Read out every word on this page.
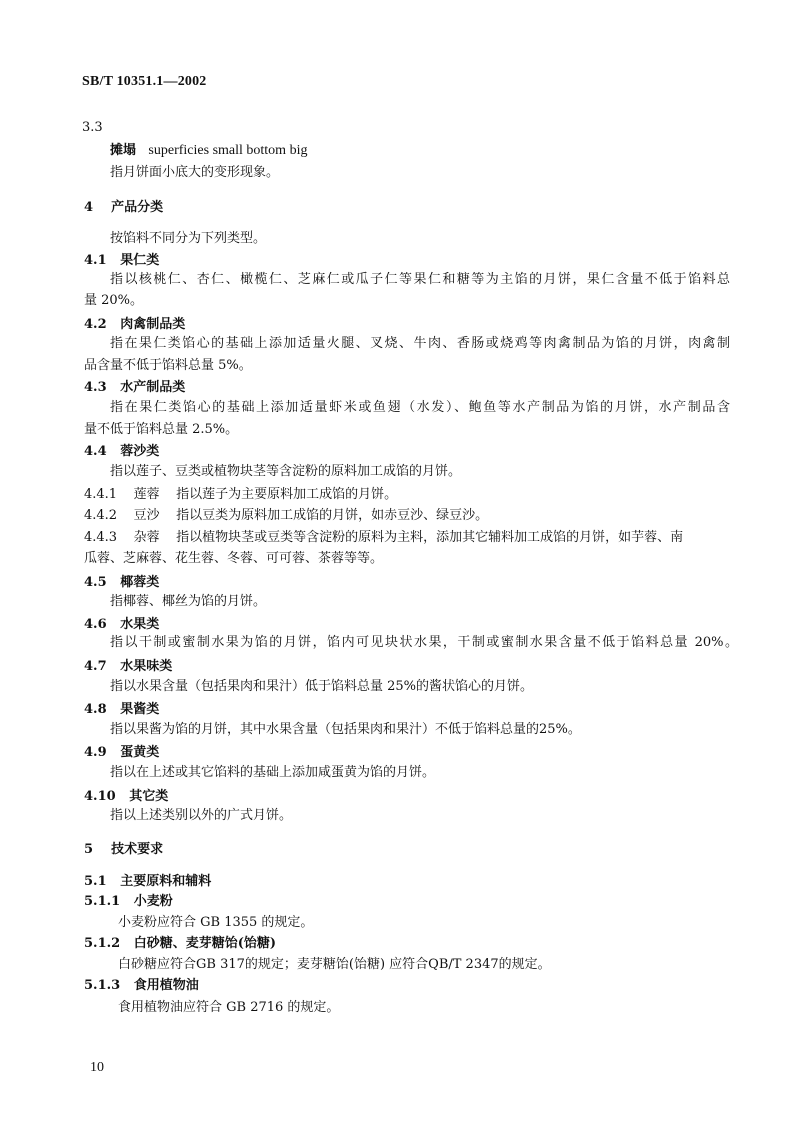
SB/T 10351.1—2002
3.3
摊塌 superficies small bottom big
指月饼面小底大的变形现象。
4 产品分类
按馅料不同分为下列类型。
4.1 果仁类
指以核桃仁、杏仁、橄榄仁、芝麻仁或瓜子仁等果仁和糖等为主馅的月饼，果仁含量不低于馅料总
量 20%。
4.2 肉禽制品类
指在果仁类馅心的基础上添加适量火腿、叉烧、牛肉、香肠或烧鸡等肉禽制品为馅的月饼，肉禽制
品含量不低于馅料总量 5%。
4.3 水产制品类
指在果仁类馅心的基础上添加适量虾米或鱼翅（水发）、鲍鱼等水产制品为馅的月饼，水产制品含
量不低于馅料总量 2.5%。
4.4 蓉沙类
指以莲子、豆类或植物块茎等含淀粉的原料加工成馅的月饼。
4.4.1 莲蓉 指以莲子为主要原料加工成馅的月饼。
4.4.2 豆沙 指以豆类为原料加工成馅的月饼，如赤豆沙、绿豆沙。
4.4.3 杂蓉 指以植物块茎或豆类等含淀粉的原料为主料，添加其它辅料加工成馅的月饼，如芋蓉、南
瓜蓉、芝麻蓉、花生蓉、冬蓉、可可蓉、茶蓉等等。
4.5 椰蓉类
指椰蓉、椰丝为馅的月饼。
4.6 水果类
指以干制或蜜制水果为馅的月饼，馅内可见块状水果，干制或蜜制水果含量不低于馅料总量 20%。
4.7 水果味类
指以水果含量（包括果肉和果汁）低于馅料总量 25%的酱状馅心的月饼。
4.8 果酱类
指以果酱为馅的月饼，其中水果含量（包括果肉和果汁）不低于馅料总量的25%。
4.9 蛋黄类
指以在上述或其它馅料的基础上添加咸蛋黄为馅的月饼。
4.10 其它类
指以上述类别以外的广式月饼。
5 技术要求
5.1 主要原料和辅料
5.1.1 小麦粉
小麦粉应符合 GB 1355 的规定。
5.1.2 白砂糖、麦芽糖饴(饴糖)
白砂糖应符合GB 317的规定；麦芽糖饴(饴糖) 应符合QB/T 2347的规定。
5.1.3 食用植物油
食用植物油应符合 GB 2716 的规定。
10
